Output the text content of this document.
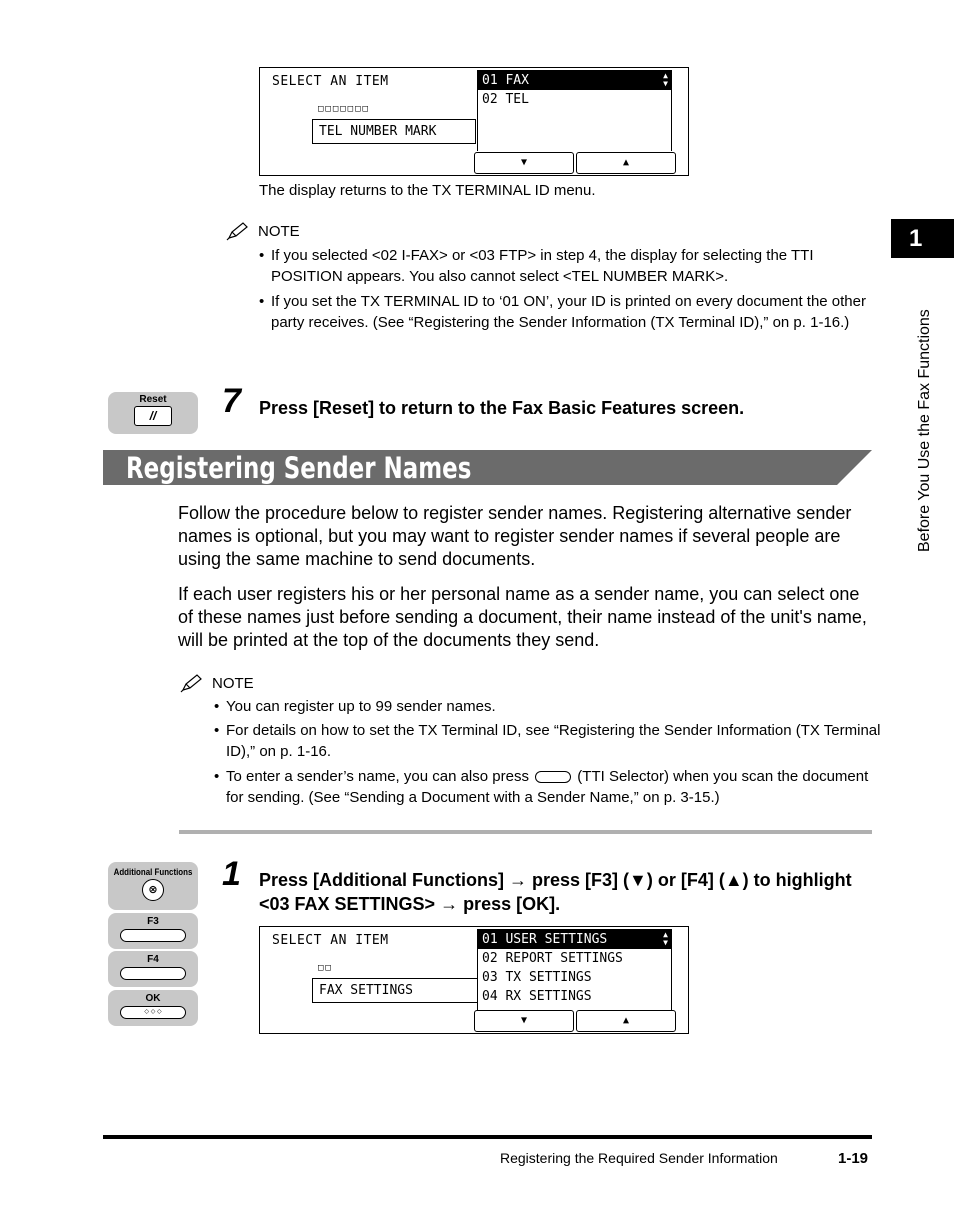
SELECT AN ITEM
□□□□□□□
TEL NUMBER MARK
01 FAX	▲
▼
02 TEL
▼	▲
The display returns to the TX TERMINAL ID menu.
NOTE
• If you selected <02 I-FAX> or <03 FTP> in step 4, the display for selecting the TTI POSITION appears. You also cannot select <TEL NUMBER MARK>.
• If you set the TX TERMINAL ID to ‘01 ON’, your ID is printed on every document the other party receives. (See “Registering the Sender Information (TX Terminal ID),” on p. 1-16.)
Reset
//	7 Press [Reset] to return to the Fax Basic Features screen.
Registering Sender Names
Follow the procedure below to register sender names. Registering alternative sender names is optional, but you may want to register sender names if several people are using the same machine to send documents.
If each user registers his or her personal name as a sender name, you can select one of these names just before sending a document, their name instead of the unit's name, will be printed at the top of the documents they send.
NOTE
• You can register up to 99 sender names.
• For details on how to set the TX Terminal ID, see “Registering the Sender Information (TX Terminal ID),” on p. 1-16.
• To enter a sender’s name, you can also press	(TTI Selector) when you scan the document for sending. (See “Sending a Document with a Sender Name,” on p. 3-15.)
Additional Functions
⊗
F3
F4
OK
◇ ◇ ◇
1 Press [Additional Functions] → press [F3] (▼) or [F4] (▲) to highlight <03 FAX SETTINGS> → press [OK].
SELECT AN ITEM
□□
FAX SETTINGS
01 USER SETTINGS	▲
▼
02 REPORT SETTINGS
03 TX SETTINGS
04 RX SETTINGS
▼	▲
1
Before You Use the Fax Functions
Registering the Required Sender Information	1-19
